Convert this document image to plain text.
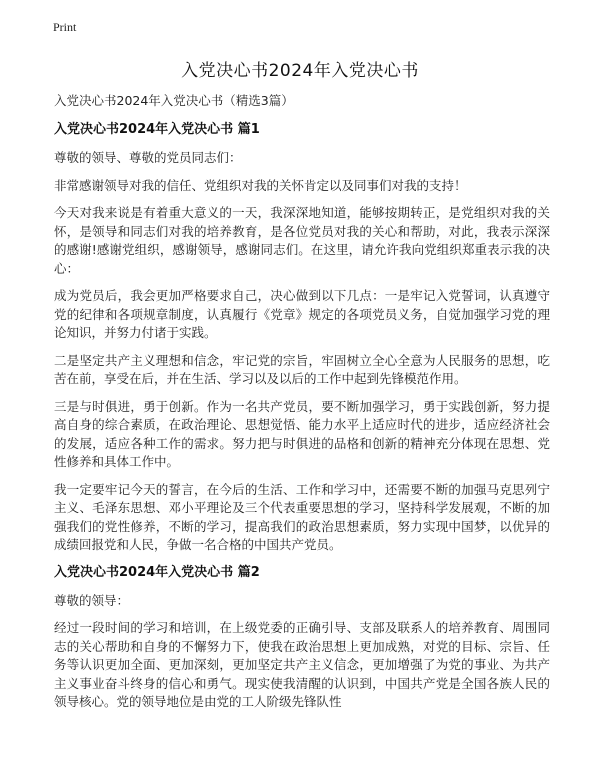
Print
入党决心书2024年入党决心书
入党决心书2024年入党决心书（精选3篇）
入党决心书2024年入党决心书 篇1

尊敬的领导、尊敬的党员同志们：

非常感谢领导对我的信任、党组织对我的关怀肯定以及同事们对我的支持！

今天对我来说是有着重大意义的一天，我深深地知道，能够按期转正，是党组织对我的关怀，是领导和同志们对我的培养教育，是各位党员对我的关心和帮助，对此，我表示深深的感谢!感谢党组织，感谢领导，感谢同志们。在这里，请允许我向党组织郑重表示我的决心：

成为党员后，我会更加严格要求自己，决心做到以下几点：一是牢记入党誓词，认真遵守党的纪律和各项规章制度，认真履行《党章》规定的各项党员义务，自觉加强学习党的理论知识，并努力付诸于实践。

二是坚定共产主义理想和信念，牢记党的宗旨，牢固树立全心全意为人民服务的思想，吃苦在前，享受在后，并在生活、学习以及以后的工作中起到先锋模范作用。

三是与时俱进，勇于创新。作为一名共产党员，要不断加强学习，勇于实践创新，努力提高自身的综合素质，在政治理论、思想觉悟、能力水平上适应时代的进步，适应经济社会的发展，适应各种工作的需求。努力把与时俱进的品格和创新的精神充分体现在思想、党性修养和具体工作中。

我一定要牢记今天的誓言，在今后的生活、工作和学习中，还需要不断的加强马克思列宁主义、毛泽东思想、邓小平理论及三个代表重要思想的学习，坚持科学发展观，不断的加强我们的党性修养，不断的学习，提高我们的政治思想素质，努力实现中国梦，以优异的成绩回报党和人民，争做一名合格的中国共产党员。

入党决心书2024年入党决心书 篇2

尊敬的领导：

经过一段时间的学习和培训，在上级党委的正确引导、支部及联系人的培养教育、周围同志的关心帮助和自身的不懈努力下，使我在政治思想上更加成熟，对党的目标、宗旨、任务等认识更加全面、更加深刻，更加坚定共产主义信念，更加增强了为党的事业、为共产主义事业奋斗终身的信心和勇气。现实使我清醒的认识到，中国共产党是全国各族人民的领导核心。党的领导地位是由党的工人阶级先锋队性
